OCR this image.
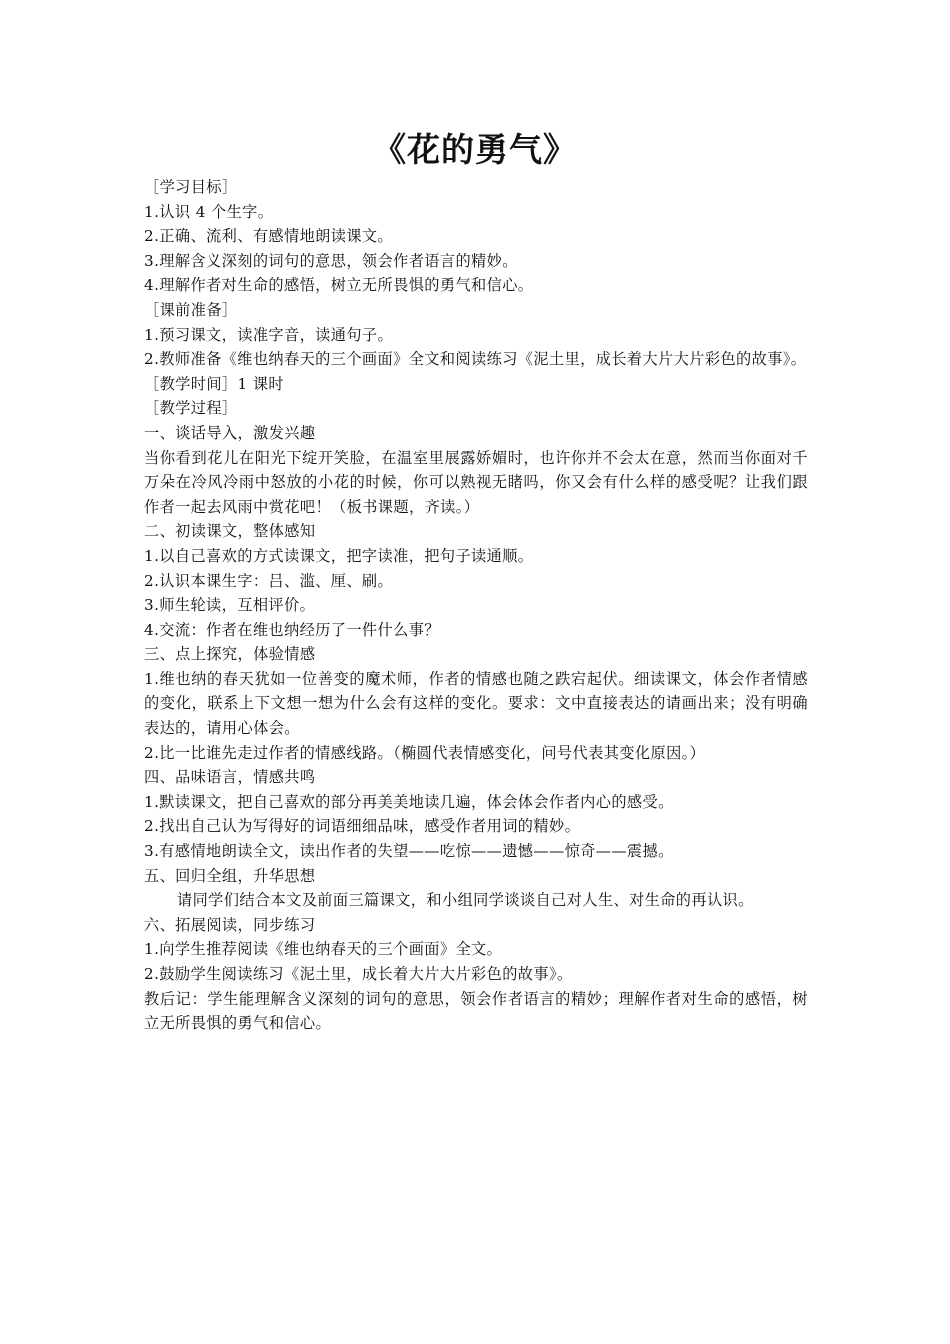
《花的勇气》

［学习目标］

1.认识 4 个生字。

2.正确、流利、有感情地朗读课文。

3.理解含义深刻的词句的意思，领会作者语言的精妙。

4.理解作者对生命的感悟，树立无所畏惧的勇气和信心。

［课前准备］

1.预习课文，读准字音，读通句子。

2.教师准备《维也纳春天的三个画面》全文和阅读练习《泥土里，成长着大片大片彩色的故事》。

［教学时间］1 课时

［教学过程］

一、谈话导入，激发兴趣

当你看到花儿在阳光下绽开笑脸，在温室里展露娇媚时，也许你并不会太在意，然而当你面对千万朵在冷风冷雨中怒放的小花的时候，你可以熟视无睹吗，你又会有什么样的感受呢？让我们跟作者一起去风雨中赏花吧！（板书课题，齐读。）

二、初读课文，整体感知

1.以自己喜欢的方式读课文，把字读准，把句子读通顺。

2.认识本课生字：吕、滥、厘、刷。

3.师生轮读，互相评价。

4.交流：作者在维也纳经历了一件什么事？

三、点上探究，体验情感

1.维也纳的春天犹如一位善变的魔术师，作者的情感也随之跌宕起伏。细读课文，体会作者情感的变化，联系上下文想一想为什么会有这样的变化。要求：文中直接表达的请画出来；没有明确表达的，请用心体会。

2.比一比谁先走过作者的情感线路。（椭圆代表情感变化，问号代表其变化原因。）

四、品味语言，情感共鸣

1.默读课文，把自己喜欢的部分再美美地读几遍，体会体会作者内心的感受。

2.找出自己认为写得好的词语细细品味，感受作者用词的精妙。

3.有感情地朗读全文，读出作者的失望——吃惊——遗憾——惊奇——震撼。

五、回归全组，升华思想

请同学们结合本文及前面三篇课文，和小组同学谈谈自己对人生、对生命的再认识。

六、拓展阅读，同步练习

1.向学生推荐阅读《维也纳春天的三个画面》全文。

2.鼓励学生阅读练习《泥土里，成长着大片大片彩色的故事》。

教后记：学生能理解含义深刻的词句的意思，领会作者语言的精妙；理解作者对生命的感悟，树立无所畏惧的勇气和信心。
